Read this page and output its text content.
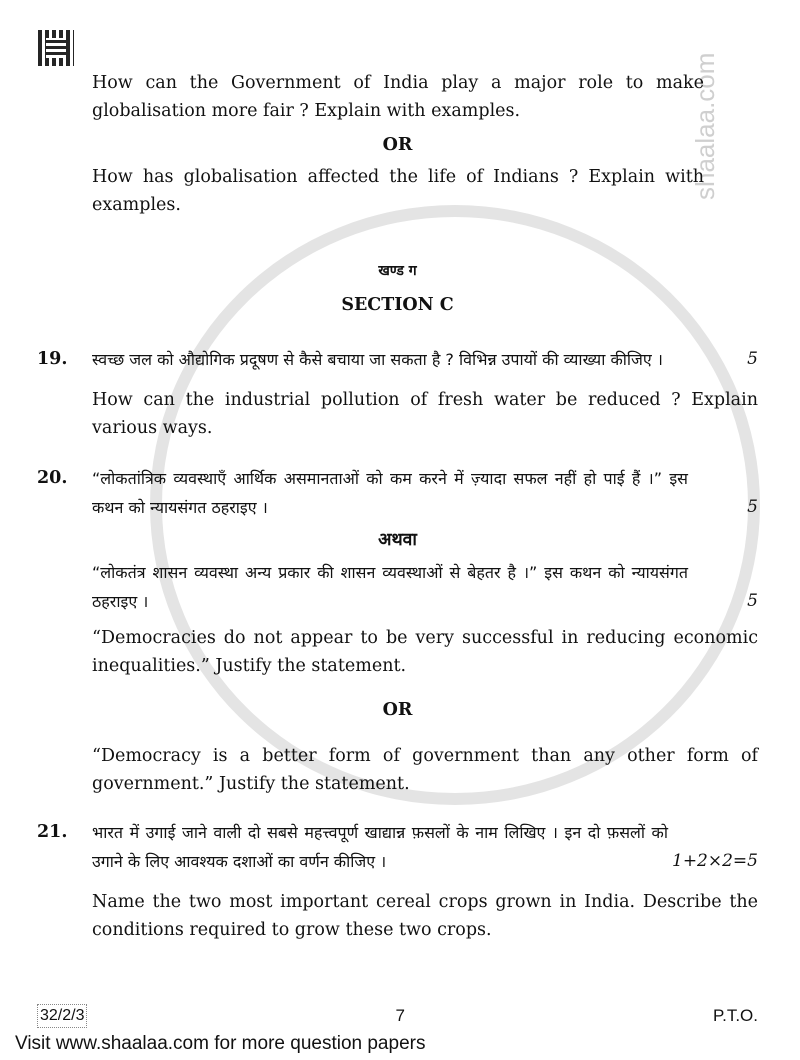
shaalaa.com
How can the Government of India play a major role to make globalisation more fair ? Explain with examples.
OR
How has globalisation affected the life of Indians ? Explain with examples.
खण्ड ग
SECTION C
19.	स्वच्छ जल को औद्योगिक प्रदूषण से कैसे बचाया जा सकता है ? विभिन्न उपायों की व्याख्या कीजिए ।	5
How can the industrial pollution of fresh water be reduced ? Explain various ways.
20.	“लोकतांत्रिक व्यवस्थाएँ आर्थिक असमानताओं को कम करने में ज़्यादा सफल नहीं हो पाई हैं ।” इस कथन को न्यायसंगत ठहराइए ।	5
अथवा
“लोकतंत्र शासन व्यवस्था अन्य प्रकार की शासन व्यवस्थाओं से बेहतर है ।” इस कथन को न्यायसंगत ठहराइए ।	5
“Democracies do not appear to be very successful in reducing economic inequalities.” Justify the statement.
OR
“Democracy is a better form of government than any other form of government.” Justify the statement.
21.	भारत में उगाई जाने वाली दो सबसे महत्त्वपूर्ण खाद्यान्न फ़सलों के नाम लिखिए । इन दो फ़सलों को उगाने के लिए आवश्यक दशाओं का वर्णन कीजिए ।	1+2×2=5
Name the two most important cereal crops grown in India. Describe the conditions required to grow these two crops.
32/2/3	7	P.T.O.
Visit www.shaalaa.com for more question papers
